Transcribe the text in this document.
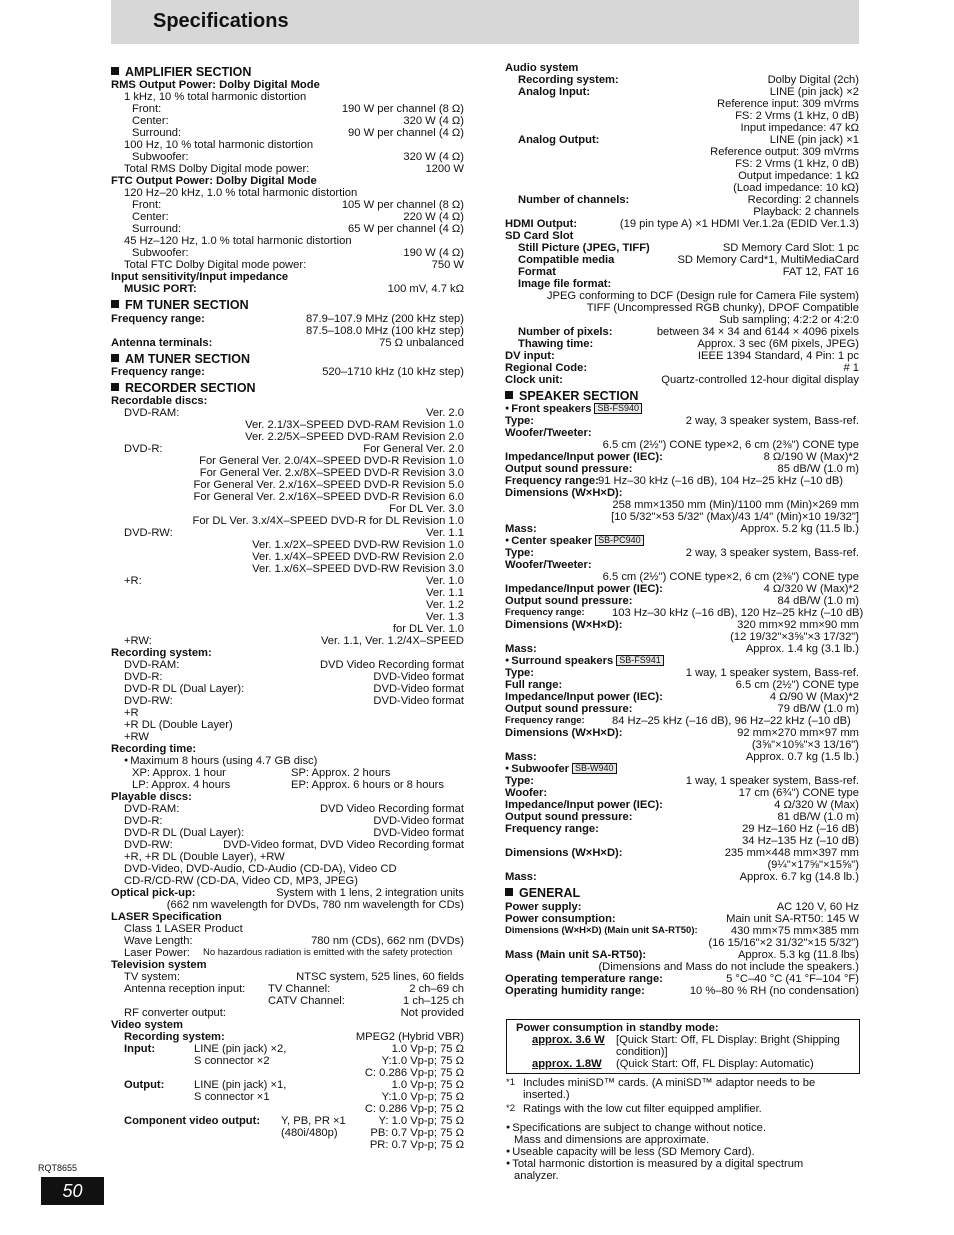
Specifications
AMPLIFIER SECTION
RMS Output Power: Dolby Digital Mode
1 kHz, 10 % total harmonic distortion
Front:	190 W per channel (8 Ω)
Center:	320 W (4 Ω)
Surround:	90 W per channel (4 Ω)
100 Hz, 10 % total harmonic distortion
Subwoofer:	320 W (4 Ω)
Total RMS Dolby Digital mode power:	1200 W
FTC Output Power: Dolby Digital Mode
120 Hz–20 kHz, 1.0 % total harmonic distortion
Front:	105 W per channel (8 Ω)
Center:	220 W (4 Ω)
Surround:	65 W per channel (4 Ω)
45 Hz–120 Hz, 1.0 % total harmonic distortion
Subwoofer:	190 W (4 Ω)
Total FTC Dolby Digital mode power:	750 W
Input sensitivity/Input impedance
MUSIC PORT:	100 mV, 4.7 kΩ
FM TUNER SECTION
Frequency range:	87.9–107.9 MHz (200 kHz step)
87.5–108.0 MHz (100 kHz step)
Antenna terminals:	75 Ω unbalanced
AM TUNER SECTION
Frequency range:	520–1710 kHz (10 kHz step)
RECORDER SECTION
Recordable discs:
DVD-RAM:	Ver. 2.0
Ver. 2.1/3X–SPEED DVD-RAM Revision 1.0
Ver. 2.2/5X–SPEED DVD-RAM Revision 2.0
DVD-R:	For General Ver. 2.0
For General Ver. 2.0/4X–SPEED DVD-R Revision 1.0
For General Ver. 2.x/8X–SPEED DVD-R Revision 3.0
For General Ver. 2.x/16X–SPEED DVD-R Revision 5.0
For General Ver. 2.x/16X–SPEED DVD-R Revision 6.0
For DL Ver. 3.0
For DL Ver. 3.x/4X–SPEED DVD-R for DL Revision 1.0
DVD-RW:	Ver. 1.1
Ver. 1.x/2X–SPEED DVD-RW Revision 1.0
Ver. 1.x/4X–SPEED DVD-RW Revision 2.0
Ver. 1.x/6X–SPEED DVD-RW Revision 3.0
+R:	Ver. 1.0
Ver. 1.1
Ver. 1.2
Ver. 1.3
for DL Ver. 1.0
+RW:	Ver. 1.1, Ver. 1.2/4X–SPEED
Recording system:
DVD-RAM:	DVD Video Recording format
DVD-R:	DVD-Video format
DVD-R DL (Dual Layer):	DVD-Video format
DVD-RW:	DVD-Video format
+R
+R DL (Double Layer)
+RW
Recording time:
● Maximum 8 hours (using 4.7 GB disc)
XP: Approx. 1 hour	SP: Approx. 2 hours
LP: Approx. 4 hours	EP: Approx. 6 hours or 8 hours
Playable discs:
DVD-RAM:	DVD Video Recording format
DVD-R:	DVD-Video format
DVD-R DL (Dual Layer):	DVD-Video format
DVD-RW:	DVD-Video format, DVD Video Recording format
+R, +R DL (Double Layer), +RW
DVD-Video, DVD-Audio, CD-Audio (CD-DA), Video CD
CD-R/CD-RW (CD-DA, Video CD, MP3, JPEG)
Optical pick-up:	System with 1 lens, 2 integration units
(662 nm wavelength for DVDs, 780 nm wavelength for CDs)
LASER Specification
Class 1 LASER Product
Wave Length:	780 nm (CDs), 662 nm (DVDs)
Laser Power: No hazardous radiation is emitted with the safety protection
Television system
TV system:	NTSC system, 525 lines, 60 fields
Antenna reception input: TV Channel:	2 ch–69 ch
CATV Channel:	1 ch–125 ch
RF converter output:	Not provided
Video system
Recording system:	MPEG2 (Hybrid VBR)
Input:	LINE (pin jack) ×2,	1.0 Vp-p; 75 Ω
S connector ×2	Y:1.0 Vp-p; 75 Ω
C: 0.286 Vp-p; 75 Ω
Output:	LINE (pin jack) ×1,	1.0 Vp-p; 75 Ω
S connector ×1	Y:1.0 Vp-p; 75 Ω
C: 0.286 Vp-p; 75 Ω
Component video output: Y, PB, PR ×1	Y: 1.0 Vp-p; 75 Ω
(480i/480p)	PB: 0.7 Vp-p; 75 Ω
PR: 0.7 Vp-p; 75 Ω
Audio system
Recording system:	Dolby Digital (2ch)
Analog Input:	LINE (pin jack) ×2
Reference input: 309 mVrms
FS: 2 Vrms (1 kHz, 0 dB)
Input impedance: 47 kΩ
Analog Output:	LINE (pin jack) ×1
Reference output: 309 mVrms
FS: 2 Vrms (1 kHz, 0 dB)
Output impedance: 1 kΩ
(Load impedance: 10 kΩ)
Number of channels:	Recording: 2 channels
Playback: 2 channels
HDMI Output:	(19 pin type A) ×1 HDMI Ver.1.2a (EDID Ver.1.3)
SD Card Slot
Still Picture (JPEG, TIFF)	SD Memory Card Slot: 1 pc
Compatible media	SD Memory Card*1, MultiMediaCard
Format	FAT 12, FAT 16
Image file format:
JPEG conforming to DCF (Design rule for Camera File system)
TIFF (Uncompressed RGB chunky), DPOF Compatible
Sub sampling; 4:2:2 or 4:2:0
Number of pixels:	between 34 × 34 and 6144 × 4096 pixels
Thawing time:	Approx. 3 sec (6M pixels, JPEG)
DV input:	IEEE 1394 Standard, 4 Pin: 1 pc
Regional Code:	# 1
Clock unit:	Quartz-controlled 12-hour digital display
SPEAKER SECTION
● Front speakers SB-FS940
Type:	2 way, 3 speaker system, Bass-ref.
Woofer/Tweeter:
6.5 cm (2½") CONE type×2, 6 cm (2⅜") CONE type
Impedance/Input power (IEC):	8 Ω/190 W (Max)*2
Output sound pressure:	85 dB/W (1.0 m)
Frequency range: 91 Hz–30 kHz (–16 dB), 104 Hz–25 kHz (–10 dB)
Dimensions (W×H×D):
258 mm×1350 mm (Min)/1100 mm (Min)×269 mm
[10 5/32"×53 5/32" (Max)/43 1/4" (Min)×10 19/32"]
Mass:	Approx. 5.2 kg (11.5 lb.)
● Center speaker SB-PC940
Type:	2 way, 3 speaker system, Bass-ref.
Woofer/Tweeter:
6.5 cm (2½") CONE type×2, 6 cm (2⅜") CONE type
Impedance/Input power (IEC):	4 Ω/320 W (Max)*2
Output sound pressure:	84 dB/W (1.0 m)
Frequency range: 103 Hz–30 kHz (–16 dB), 120 Hz–25 kHz (–10 dB)
Dimensions (W×H×D):	320 mm×92 mm×90 mm
(12 19/32"×3⅝"×3 17/32")
Mass:	Approx. 1.4 kg (3.1 lb.)
● Surround speakers SB-FS941
Type:	1 way, 1 speaker system, Bass-ref.
Full range:	6.5 cm (2½") CONE type
Impedance/Input power (IEC):	4 Ω/90 W (Max)*2
Output sound pressure:	79 dB/W (1.0 m)
Frequency range: 84 Hz–25 kHz (–16 dB), 96 Hz–22 kHz (–10 dB)
Dimensions (W×H×D):	92 mm×270 mm×97 mm
(3⅝"×10⅝"×3 13/16")
Mass:	Approx. 0.7 kg (1.5 lb.)
● Subwoofer SB-W940
Type:	1 way, 1 speaker system, Bass-ref.
Woofer:	17 cm (6¾") CONE type
Impedance/Input power (IEC):	4 Ω/320 W (Max)
Output sound pressure:	81 dB/W (1.0 m)
Frequency range:	29 Hz–160 Hz (–16 dB)
34 Hz–135 Hz (–10 dB)
Dimensions (W×H×D):	235 mm×448 mm×397 mm
(9¼"×17⅝"×15⅝")
Mass:	Approx. 6.7 kg (14.8 lb.)
GENERAL
Power supply:	AC 120 V, 60 Hz
Power consumption:	Main unit SA-RT50: 145 W
Dimensions (W×H×D) (Main unit SA-RT50):	430 mm×75 mm×385 mm
(16 15/16"×2 31/32"×15 5/32")
Mass (Main unit SA-RT50):	Approx. 5.3 kg (11.8 lbs)
(Dimensions and Mass do not include the speakers.)
Operating temperature range:	5 °C–40 °C (41 °F–104 °F)
Operating humidity range:	10 %–80 % RH (no condensation)
Power consumption in standby mode:
approx. 3.6 W [Quick Start: Off, FL Display: Bright (Shipping
condition)]
approx. 1.8W (Quick Start: Off, FL Display: Automatic)
*1 Includes miniSD™ cards. (A miniSD™ adaptor needs to be
inserted.)
*2 Ratings with the low cut filter equipped amplifier.
● Specifications are subject to change without notice.
Mass and dimensions are approximate.
● Useable capacity will be less (SD Memory Card).
● Total harmonic distortion is measured by a digital spectrum
analyzer.
RQT8655
50
